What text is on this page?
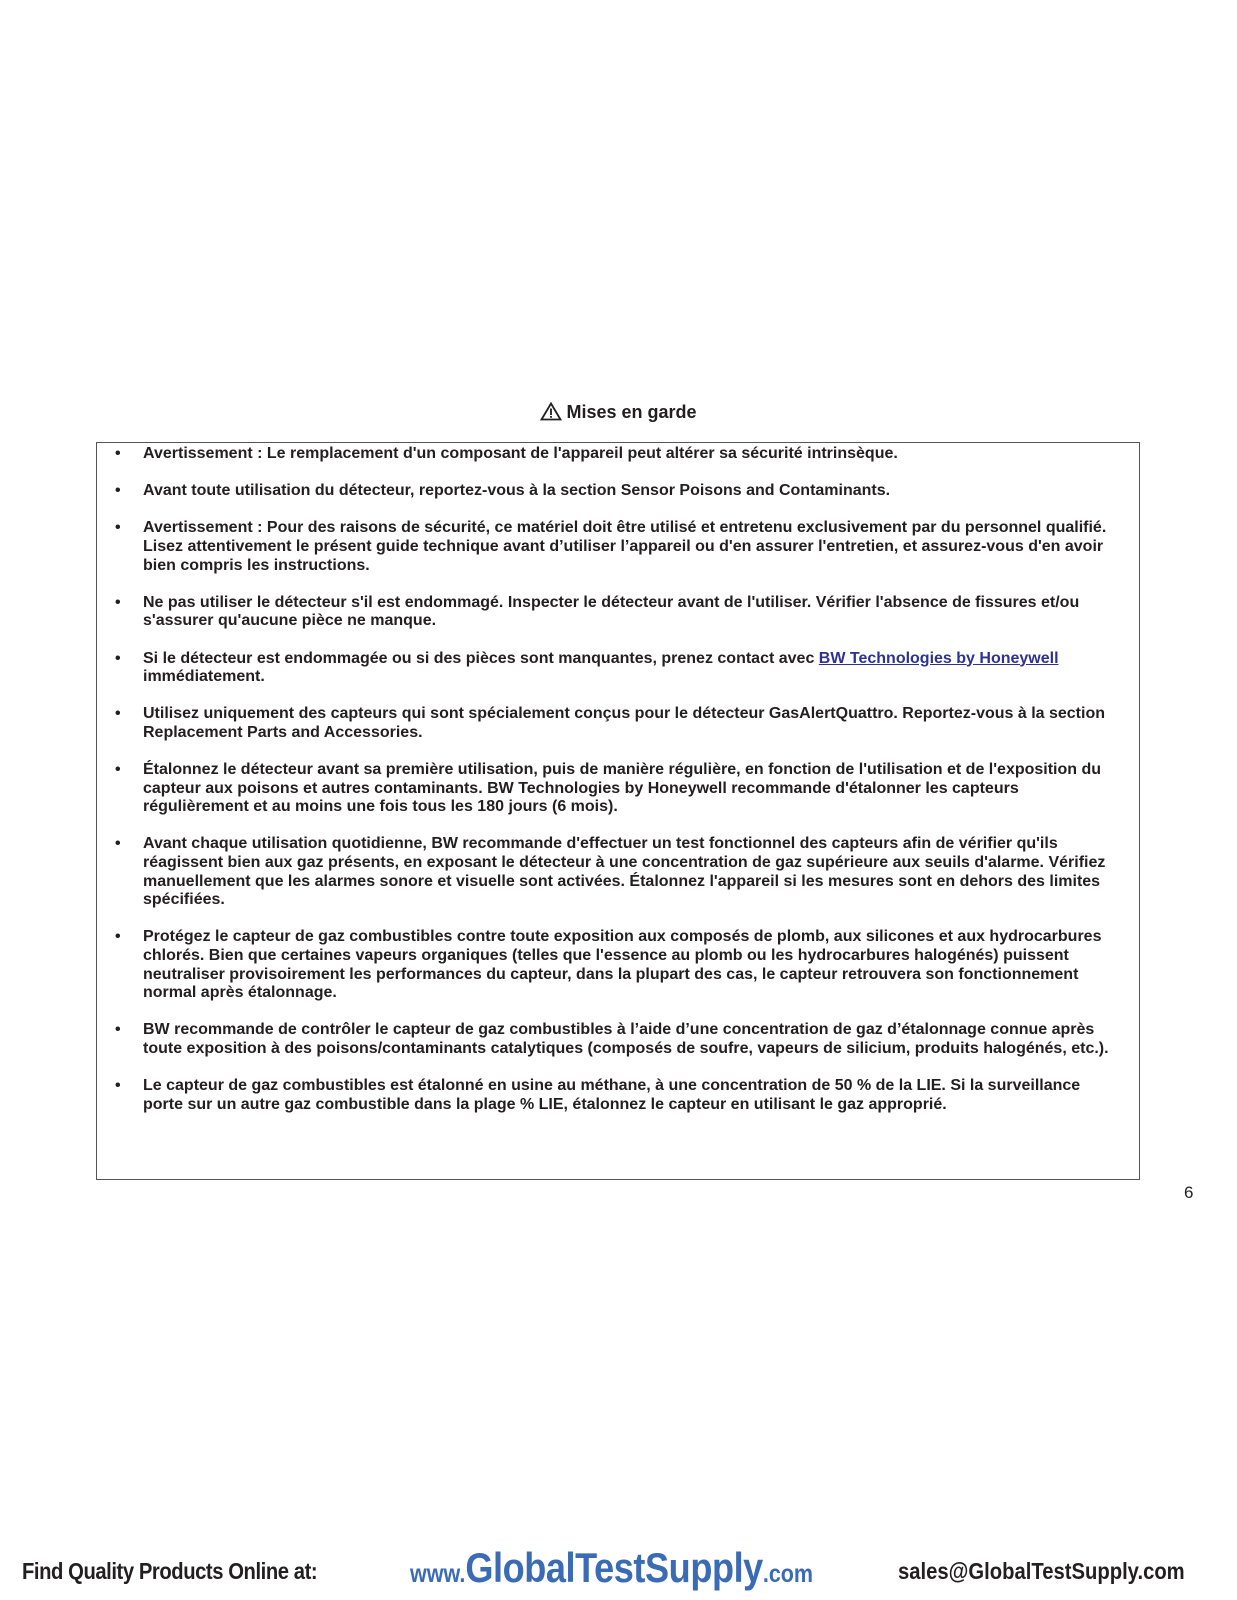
Mises en garde
• Avertissement : Le remplacement d'un composant de l'appareil peut altérer sa sécurité intrinsèque.
• Avant toute utilisation du détecteur, reportez-vous à la section Sensor Poisons and Contaminants.
• Avertissement : Pour des raisons de sécurité, ce matériel doit être utilisé et entretenu exclusivement par du personnel qualifié. Lisez attentivement le présent guide technique avant d’utiliser l’appareil ou d'en assurer l'entretien, et assurez-vous d'en avoir bien compris les instructions.
• Ne pas utiliser le détecteur s'il est endommagé. Inspecter le détecteur avant de l'utiliser. Vérifier l'absence de fissures et/ou s'assurer qu'aucune pièce ne manque.
• Si le détecteur est endommagée ou si des pièces sont manquantes, prenez contact avec BW Technologies by Honeywell immédiatement.
• Utilisez uniquement des capteurs qui sont spécialement conçus pour le détecteur GasAlertQuattro. Reportez-vous à la section Replacement Parts and Accessories.
• Étalonnez le détecteur avant sa première utilisation, puis de manière régulière, en fonction de l'utilisation et de l'exposition du capteur aux poisons et autres contaminants. BW Technologies by Honeywell recommande d'étalonner les capteurs régulièrement et au moins une fois tous les 180 jours (6 mois).
• Avant chaque utilisation quotidienne, BW recommande d'effectuer un test fonctionnel des capteurs afin de vérifier qu'ils réagissent bien aux gaz présents, en exposant le détecteur à une concentration de gaz supérieure aux seuils d'alarme. Vérifiez manuellement que les alarmes sonore et visuelle sont activées. Étalonnez l'appareil si les mesures sont en dehors des limites spécifiées.
• Protégez le capteur de gaz combustibles contre toute exposition aux composés de plomb, aux silicones et aux hydrocarbures chlorés. Bien que certaines vapeurs organiques (telles que l'essence au plomb ou les hydrocarbures halogénés) puissent neutraliser provisoirement les performances du capteur, dans la plupart des cas, le capteur retrouvera son fonctionnement normal après étalonnage.
• BW recommande de contrôler le capteur de gaz combustibles à l’aide d’une concentration de gaz d’étalonnage connue après toute exposition à des poisons/contaminants catalytiques (composés de soufre, vapeurs de silicium, produits halogénés, etc.).
• Le capteur de gaz combustibles est étalonné en usine au méthane, à une concentration de 50 % de la LIE. Si la surveillance porte sur un autre gaz combustible dans la plage % LIE, étalonnez le capteur en utilisant le gaz approprié.
6
Find Quality Products Online at:	www.GlobalTestSupply.com	sales@GlobalTestSupply.com
